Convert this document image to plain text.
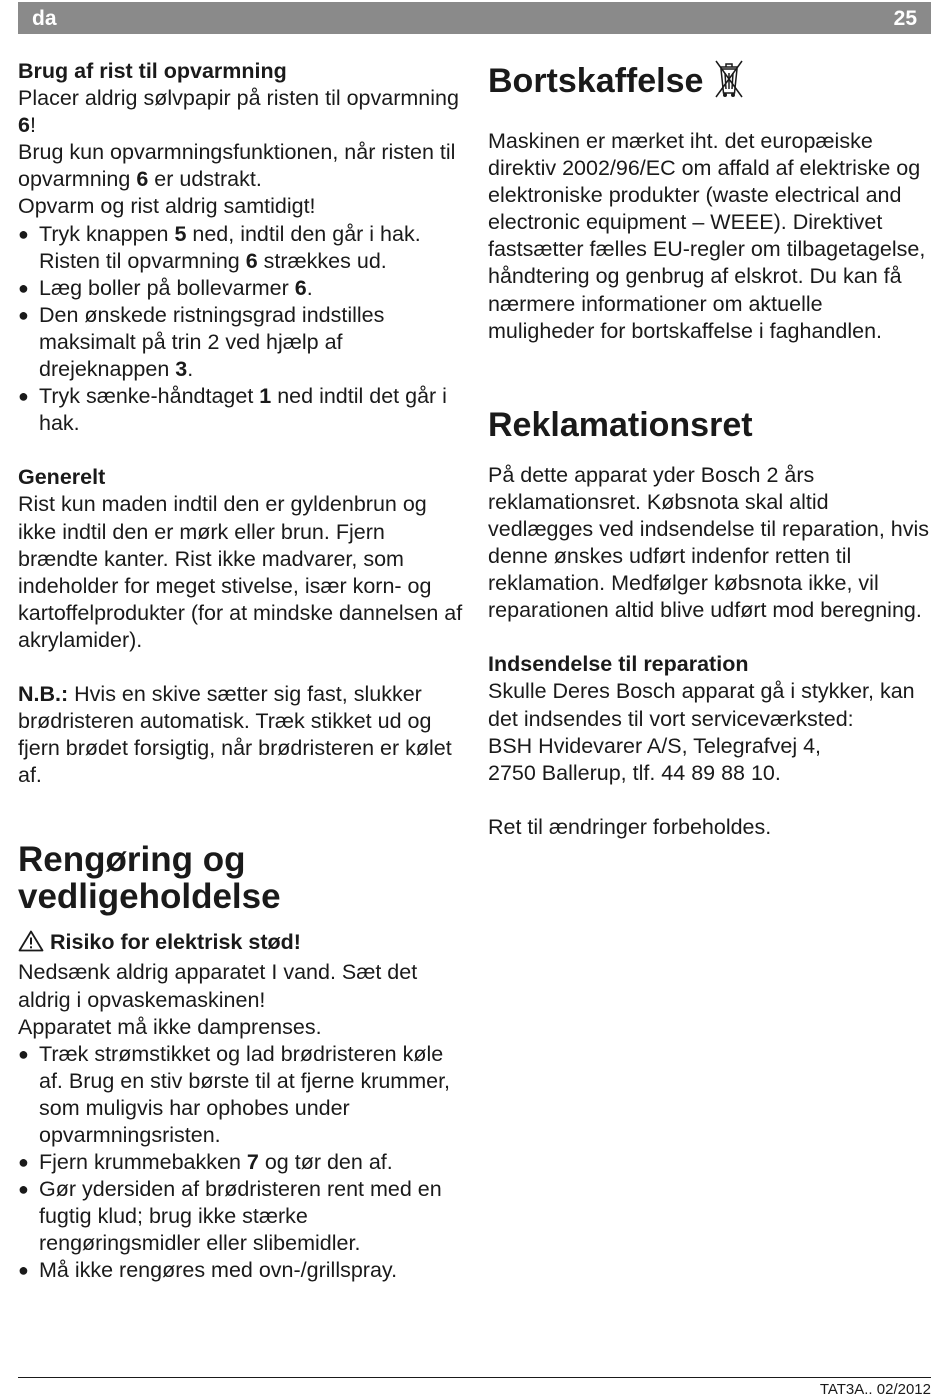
da	25

Brug af rist til opvarmning

Placer aldrig sølvpapir på risten til opvarmning 6!

Brug kun opvarmningsfunktionen, når risten til opvarmning 6 er udstrakt.

Opvarm og rist aldrig samtidigt!

● Tryk knappen 5 ned, indtil den går i hak. Risten til opvarmning 6 strækkes ud.
● Læg boller på bollevarmer 6.
● Den ønskede ristningsgrad indstilles maksimalt på trin 2 ved hjælp af drejeknappen 3.
● Tryk sænke-håndtaget 1 ned indtil det går i hak.

Generelt

Rist kun maden indtil den er gyldenbrun og ikke indtil den er mørk eller brun. Fjern brændte kanter. Rist ikke madvarer, som indeholder for meget stivelse, især korn- og kartoffelprodukter (for at mindske dannelsen af akrylamider).

N.B.: Hvis en skive sætter sig fast, slukker brødristeren automatisk. Træk stikket ud og fjern brødet forsigtig, når brødristeren er kølet af.

Rengøring og
vedligeholdelse

Risiko for elektrisk stød!

Nedsænk aldrig apparatet I vand. Sæt det aldrig i opvaskemaskinen!

Apparatet må ikke damprenses.

● Træk strømstikket og lad brødristeren køle af. Brug en stiv børste til at fjerne krummer, som muligvis har ophobes under opvarmningsristen.
● Fjern krummebakken 7 og tør den af.
● Gør ydersiden af brødristeren rent med en fugtig klud; brug ikke stærke rengøringsmidler eller slibemidler.
● Må ikke rengøres med ovn-/grillspray.
Bortskaffelse

Maskinen er mærket iht. det europæiske direktiv 2002/96/EC om affald af elektriske og elektroniske produkter (waste electrical and electronic equipment – WEEE). Direktivet fastsætter fælles EU-regler om tilbagetagelse, håndtering og genbrug af elskrot. Du kan få nærmere informationer om aktuelle muligheder for bortskaffelse i faghandlen.

Reklamationsret

På dette apparat yder Bosch 2 års reklamationsret. Købsnota skal altid vedlægges ved indsendelse til reparation, hvis denne ønskes udført indenfor retten til reklamation. Medfølger købsnota ikke, vil reparationen altid blive udført mod beregning.

Indsendelse til reparation

Skulle Deres Bosch apparat gå i stykker, kan det indsendes til vort serviceværksted:

BSH Hvidevarer A/S, Telegrafvej 4,

2750 Ballerup, tlf. 44 89 88 10.

Ret til ændringer forbeholdes.

TAT3A.. 02/2012
